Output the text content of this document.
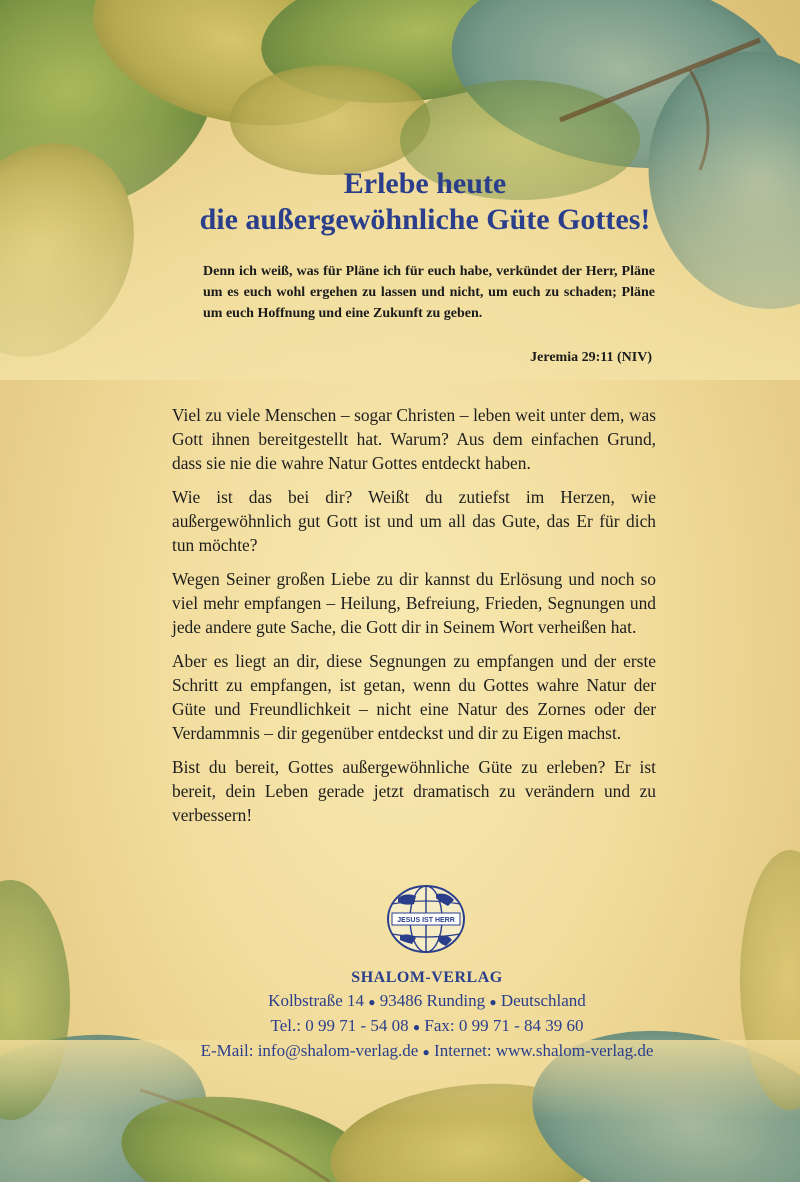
Erlebe heute
die außergewöhnliche Güte Gottes!
Denn ich weiß, was für Pläne ich für euch habe, verkündet der Herr, Pläne um es euch wohl ergehen zu lassen und nicht, um euch zu schaden; Pläne um euch Hoffnung und eine Zukunft zu geben.
Jeremia 29:11 (NIV)

Viel zu viele Menschen – sogar Christen – leben weit unter dem, was Gott ihnen bereitgestellt hat. Warum? Aus dem einfachen Grund, dass sie nie die wahre Natur Gottes entdeckt haben.

Wie ist das bei dir? Weißt du zutiefst im Herzen, wie außergewöhnlich gut Gott ist und um all das Gute, das Er für dich tun möchte?

Wegen Seiner großen Liebe zu dir kannst du Erlösung und noch so viel mehr empfangen – Heilung, Befreiung, Frieden, Segnungen und jede andere gute Sache, die Gott dir in Seinem Wort verheißen hat.

Aber es liegt an dir, diese Segnungen zu empfangen und der erste Schritt zu empfangen, ist getan, wenn du Gottes wahre Natur der Güte und Freundlichkeit – nicht eine Natur des Zornes oder der Verdammnis – dir gegenüber entdeckst und dir zu Eigen machst.

Bist du bereit, Gottes außergewöhnliche Güte zu erleben? Er ist bereit, dein Leben gerade jetzt dramatisch zu verändern und zu verbessern!

JESUS IST HERR
SHALOM-VERLAG
Kolbstraße 14 ● 93486 Runding ● Deutschland
Tel.: 0 99 71 - 54 08 ● Fax: 0 99 71 - 84 39 60
E-Mail: info@shalom-verlag.de ● Internet: www.shalom-verlag.de
